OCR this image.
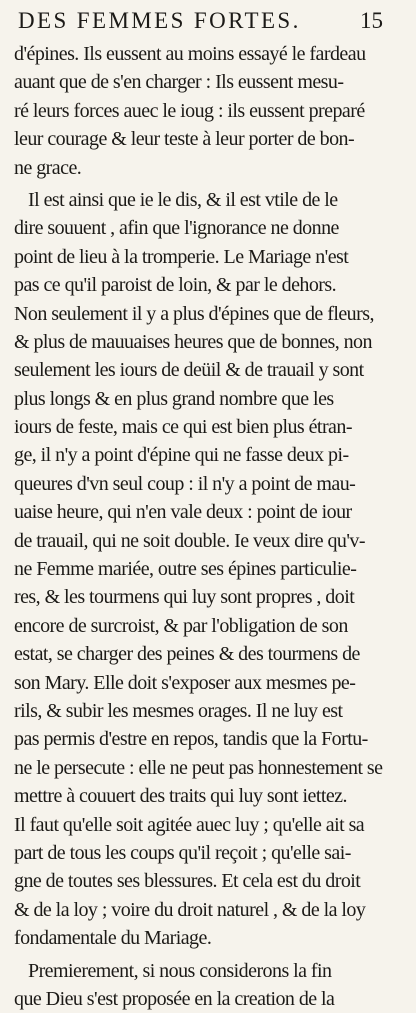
DES FEMMES FORTES.	15
d'épines. Ils eussent au moins essayé le fardeau
auant que de s'en charger : Ils eussent mesu-
ré leurs forces auec le ioug : ils eussent preparé
leur courage & leur teste à leur porter de bon-
ne grace.
Il est ainsi que ie le dis, & il est vtile de le
dire souuent , afin que l'ignorance ne donne
point de lieu à la tromperie. Le Mariage n'est
pas ce qu'il paroist de loin, & par le dehors.
Non seulement il y a plus d'épines que de fleurs,
& plus de mauuaises heures que de bonnes, non
seulement les iours de deüil & de trauail y sont
plus longs & en plus grand nombre que les
iours de feste, mais ce qui est bien plus étran-
ge, il n'y a point d'épine qui ne fasse deux pi-
queures d'vn seul coup : il n'y a point de mau-
uaise heure, qui n'en vale deux : point de iour
de trauail, qui ne soit double. Ie veux dire qu'v-
ne Femme mariée, outre ses épines particulie-
res, & les tourmens qui luy sont propres , doit
encore de surcroist, & par l'obligation de son
estat, se charger des peines & des tourmens de
son Mary. Elle doit s'exposer aux mesmes pe-
rils, & subir les mesmes orages. Il ne luy est
pas permis d'estre en repos, tandis que la Fortu-
ne le persecute : elle ne peut pas honnestement se
mettre à couuert des traits qui luy sont iettez.
Il faut qu'elle soit agitée auec luy ; qu'elle ait sa
part de tous les coups qu'il reçoit ; qu'elle sai-
gne de toutes ses blessures. Et cela est du droit
& de la loy ; voire du droit naturel , & de la loy
fondamentale du Mariage.
Premierement, si nous considerons la fin
que Dieu s'est proposée en la creation de la
